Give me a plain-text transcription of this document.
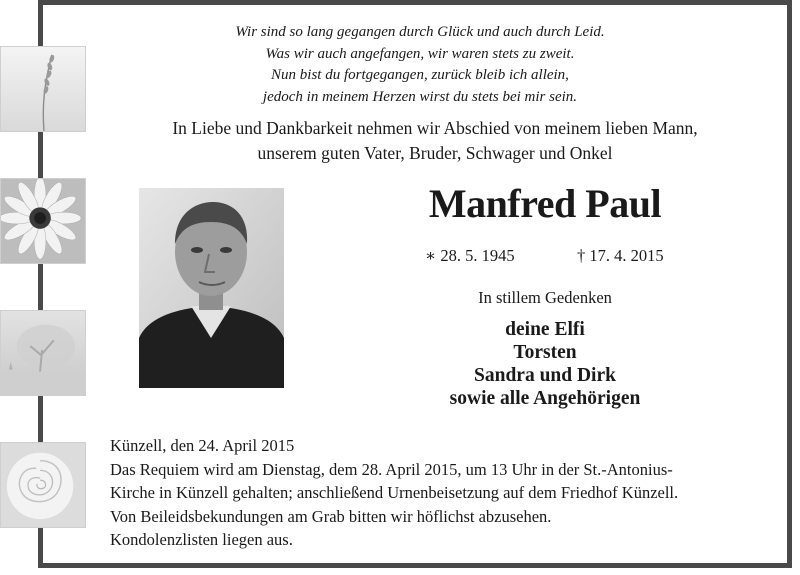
Wir sind so lang gegangen durch Glück und auch durch Leid.
Was wir auch angefangen, wir waren stets zu zweit.
Nun bist du fortgegangen, zurück bleib ich allein,
jedoch in meinem Herzen wirst du stets bei mir sein.
In Liebe und Dankbarkeit nehmen wir Abschied von meinem lieben Mann,
unserem guten Vater, Bruder, Schwager und Onkel
Manfred Paul
∗ 28. 5. 1945	† 17. 4. 2015
In stillem Gedenken
deine Elfi
Torsten
Sandra und Dirk
sowie alle Angehörigen
Künzell, den 24. April 2015
Das Requiem wird am Dienstag, dem 28. April 2015, um 13 Uhr in der St.-Antonius-
Kirche in Künzell gehalten; anschließend Urnenbeisetzung auf dem Friedhof Künzell.
Von Beileidsbekundungen am Grab bitten wir höflichst abzusehen.
Kondolenzlisten liegen aus.
